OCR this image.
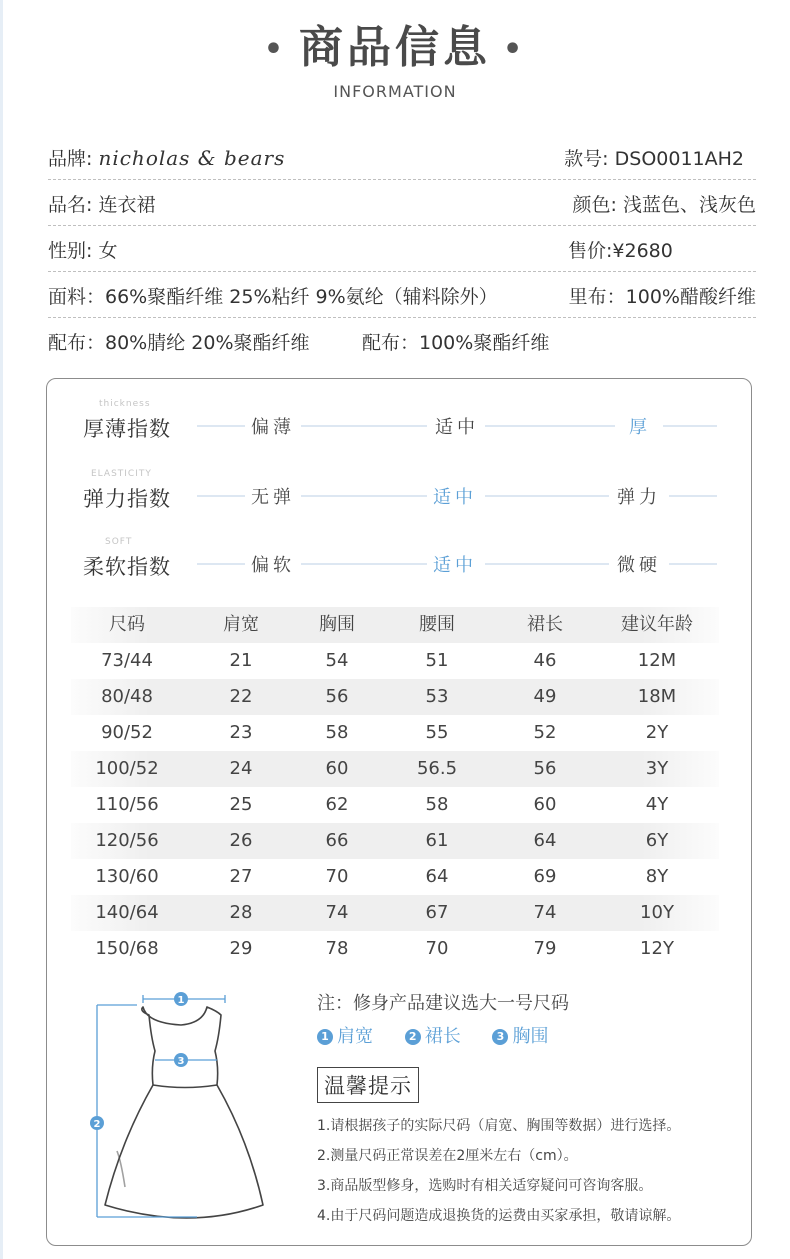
• 商品信息 •
INFORMATION
品牌: nicholas & bears	款号: DSO0011AH2
品名: 连衣裙	颜色: 浅蓝色、浅灰色
性别: 女	售价:¥2680
面料：66%聚酯纤维 25%粘纤 9%氨纶（辅料除外）	里布：100%醋酸纤维
配布：80%腈纶 20%聚酯纤维	配布：100%聚酯纤维
thickness
厚薄指数	偏薄	适中	厚
ELASTICITY
弹力指数	无弹	适中	弹力
SOFT
柔软指数	偏软	适中	微硬
尺码	肩宽	胸围	腰围	裙长	建议年龄
73/44	21	54	51	46	12M
80/48	22	56	53	49	18M
90/52	23	58	55	52	2Y
100/52	24	60	56.5	56	3Y
110/56	25	62	58	60	4Y
120/56	26	66	61	64	6Y
130/60	27	70	64	69	8Y
140/64	28	74	67	74	10Y
150/68	29	78	70	79	12Y
1
2
3
注：修身产品建议选大一号尺码
1 肩宽	2 裙长	3 胸围
温馨提示
1.请根据孩子的实际尺码（肩宽、胸围等数据）进行选择。
2.测量尺码正常误差在2厘米左右（cm）。
3.商品版型修身，选购时有相关适穿疑问可咨询客服。
4.由于尺码问题造成退换货的运费由买家承担，敬请谅解。
